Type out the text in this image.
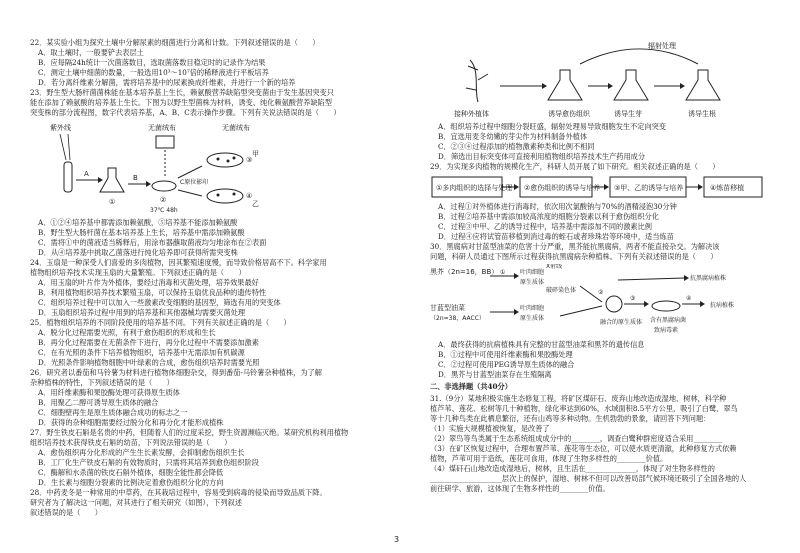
22．某实验小组为探究土壤中分解尿素的细菌进行分离和计数。下列叙述错误的是（　　）

A．取土壤时，一般要铲去表层土

B．应每隔24h统计一次菌落数目，选取菌落数目稳定时的记录作为结果

C．测定土壤中细菌的数量，一般选用10³～10⁷倍的稀释液进行平板培养

D．若分离纤维素分解菌，需将培养基中的尿素换成纤维素，并进行一个新的培养

23．野生型大肠杆菌菌株能在基本培养基上生长，赖氨酸营养缺陷型突变菌由于发生基因突变只

能在添加了赖氨酸的培养基上生长。下图为以野生型菌株为材料，诱变、纯化赖氨酸营养缺陷型

突变株的部分流程图，数字代表培养基，A、B、C表示操作步骤。下列有关说法错误的是（　　）

紫外线
A
①
B
②
37℃ 48h
无菌绒布
C原位影印
无菌绒布
③
甲
④
乙

A．①②④培养基中都需添加赖氨酸，⑤培养基不能添加赖氨酸

B．野生型大肠杆菌在基本培养基上生长，培养基中需添加赖氨酸

C．需将①中的菌液适当稀释后，用涂布器蘸取菌液均匀地涂布在②表面

D．从④培养基中挑取乙菌落进行纯化培养即可获得所需突变株

24．玉扇是一种深受人们喜爱的多肉植物，因其繁殖速度慢，而导致价格居高不下。科学家用

植物组织培养技术实现玉扇的大量繁殖。下列叙述正确的是（　　）

A．用玉扇的叶片作为外植体，要经过消毒和灭菌处理，培养效果最好

B．利用植物组织培养技术繁殖玉扇，可以保持玉扇优良品种的遗传特性

C．组织培养过程中可以加入一些激素改变细胞的基因型，筛选有用的突变体

D．玉扇组织培养过程中用到的培养基和其他器械均需要灭菌处理

25．植物组织培养的不同阶段使用的培养基不同。下列有关叙述正确的是（　　）

A．脱分化过程需要光照，有利于愈伤组织的形成和生长

B．再分化过程需要在无菌条件下进行，再分化过程中不需要添加激素

C．在有光照的条件下培养植物组织，培养基中无需添加有机碳源

D．光照条件影响植物细胞中叶绿素的合成，愈伤组织培养时需要光照

26．研究者以番茄和马铃薯为材料进行植物体细胞杂交，得到番茄-马铃薯杂种植株，为了解

杂种植株的特性，下列叙述错误的是（　　）

A．用纤维素酶和果胶酶处理可获得原生质体

B．用聚乙二醇可诱导原生质体的融合

C．细胞壁再生是原生质体融合成功的标志之一

D．获得的杂种细胞需要经过脱分化和再分化才能形成植株

27．野生铁皮石斛是名贵的中药，但随着人们的过度采挖，野生资源濒临灭绝。某研究机构利用植物

组织培养技术获得铁皮石斛的幼苗，下列说法错误的是（　　）

A．愈伤组织再分化形成的产生生长素发酵，会抑制愈伤组织生长

B．工厂化生产铁皮石斛的有效物质时，只需将其培养到愈伤组织阶段

C．酶解和水杀菌的铁皮石斛外植体，细胞全能性都会降低

D．生长素与细胞分裂素的比例决定着愈伤组织分化的方向

28．中药麦冬是一种常用的中草药，在其栽培过程中，容易受到病毒的侵染而导致品质下降。

研究者为了解决这一问题，对其进行了相关研究（如图），下列叙述

叙述错误的是（　　）

辐射处理
接种外植体	诱导愈伤组织	诱导生芽	诱导生根

A．组织培养过程中细胞分裂旺盛，辐射处理易导致细胞发生不定向突变

B．宜选用麦冬幼嫩的芽尖作为材料制备外植体

C．②③④过程添加的植物激素种类和比例不相同

D．筛选出目标突变体可直接利用植物组织培养技术生产药用成分

29．为实现多肉植物的规模化生产，科研人员开展了如下研究。相关叙述正确的是（　　）

①多肉组织的选择与处理 ②愈伤组织的诱导与培养 ③甲、乙的诱导与培养	④炼苗移植

A．过程①对外植体进行消毒时，依次用次氯酸钠与70%的酒精浸泡30分钟

B．过程②培养基中需添加较高浓度的细胞分裂素以利于愈伤组织分化

C．过程③中甲、乙的诱导过程中，培养基中需添加不同的激素比例

D．过程④应将试管苗移植到消过毒的蛭石或者珍珠岩等环境中，适当炼苗

30．黑腐病对甘蓝型油菜的危害十分严重，黑芥能抗黑腐病，两者不能直接杂交。为解决该

问题，科研人员通过下图所示过程获得抗黑腐病杂种植株。下列有关叙述错误的是（　　）

黑芥（2n=16，BB）
甘蓝型油菜
（2n=38，AACC）
叶肉细胞
原生质体
X射线
破碎染色体
①
叶肉细胞
原生质体
融合的原生质体
②
③
含有黑腐病菌
致病毒素
④
抗病植株
抗黑腐病植株

A．最终获得的抗病植株具有完整的甘蓝型油菜和黑芥的遗传信息

B．①过程中可使用纤维素酶和果胶酶处理

C．②过程可使用PEG诱导原生质体的融合

D．黑芥与甘蓝型油菜存在生殖隔离

二、非选择题（共40分）

31.（9分）某地积极实施生态修复工程，将矿区煤矸石、废弃山地改造成湿地、树林，科学种

植芦苇、莲花、松树等几十种植物，绿化率达到60%，水域面积8.5平方公里，吸引了白鹭、翠鸟

等十几种鸟类在此栖息繁衍，还有山鸡等多种动物。生机勃勃的景象，请回答下列问题：

（1）实施大规模植被恢复，是改善了

（2）翠鸟等鸟类属于生态系统组成成分中的________，调查白鹭种群密度适合采用________

（3）在矿区恢复过程中，合理布置芦苇、莲花等生态位，可以使水质更清澈，此种修复方式依赖

植物，芦苇可用于造纸，莲花可食用，体现了生物多样性的________价值。

（4）煤矸石山地改造成湿地后，树林，且生活在______________，体现了对生物多样性的

____________________层次上的保护，湿地、树林不但可以改善局部气候环境还吸引了全国各地的人

前往研学、旅游，这体现了生物多样性的________价值。

3
